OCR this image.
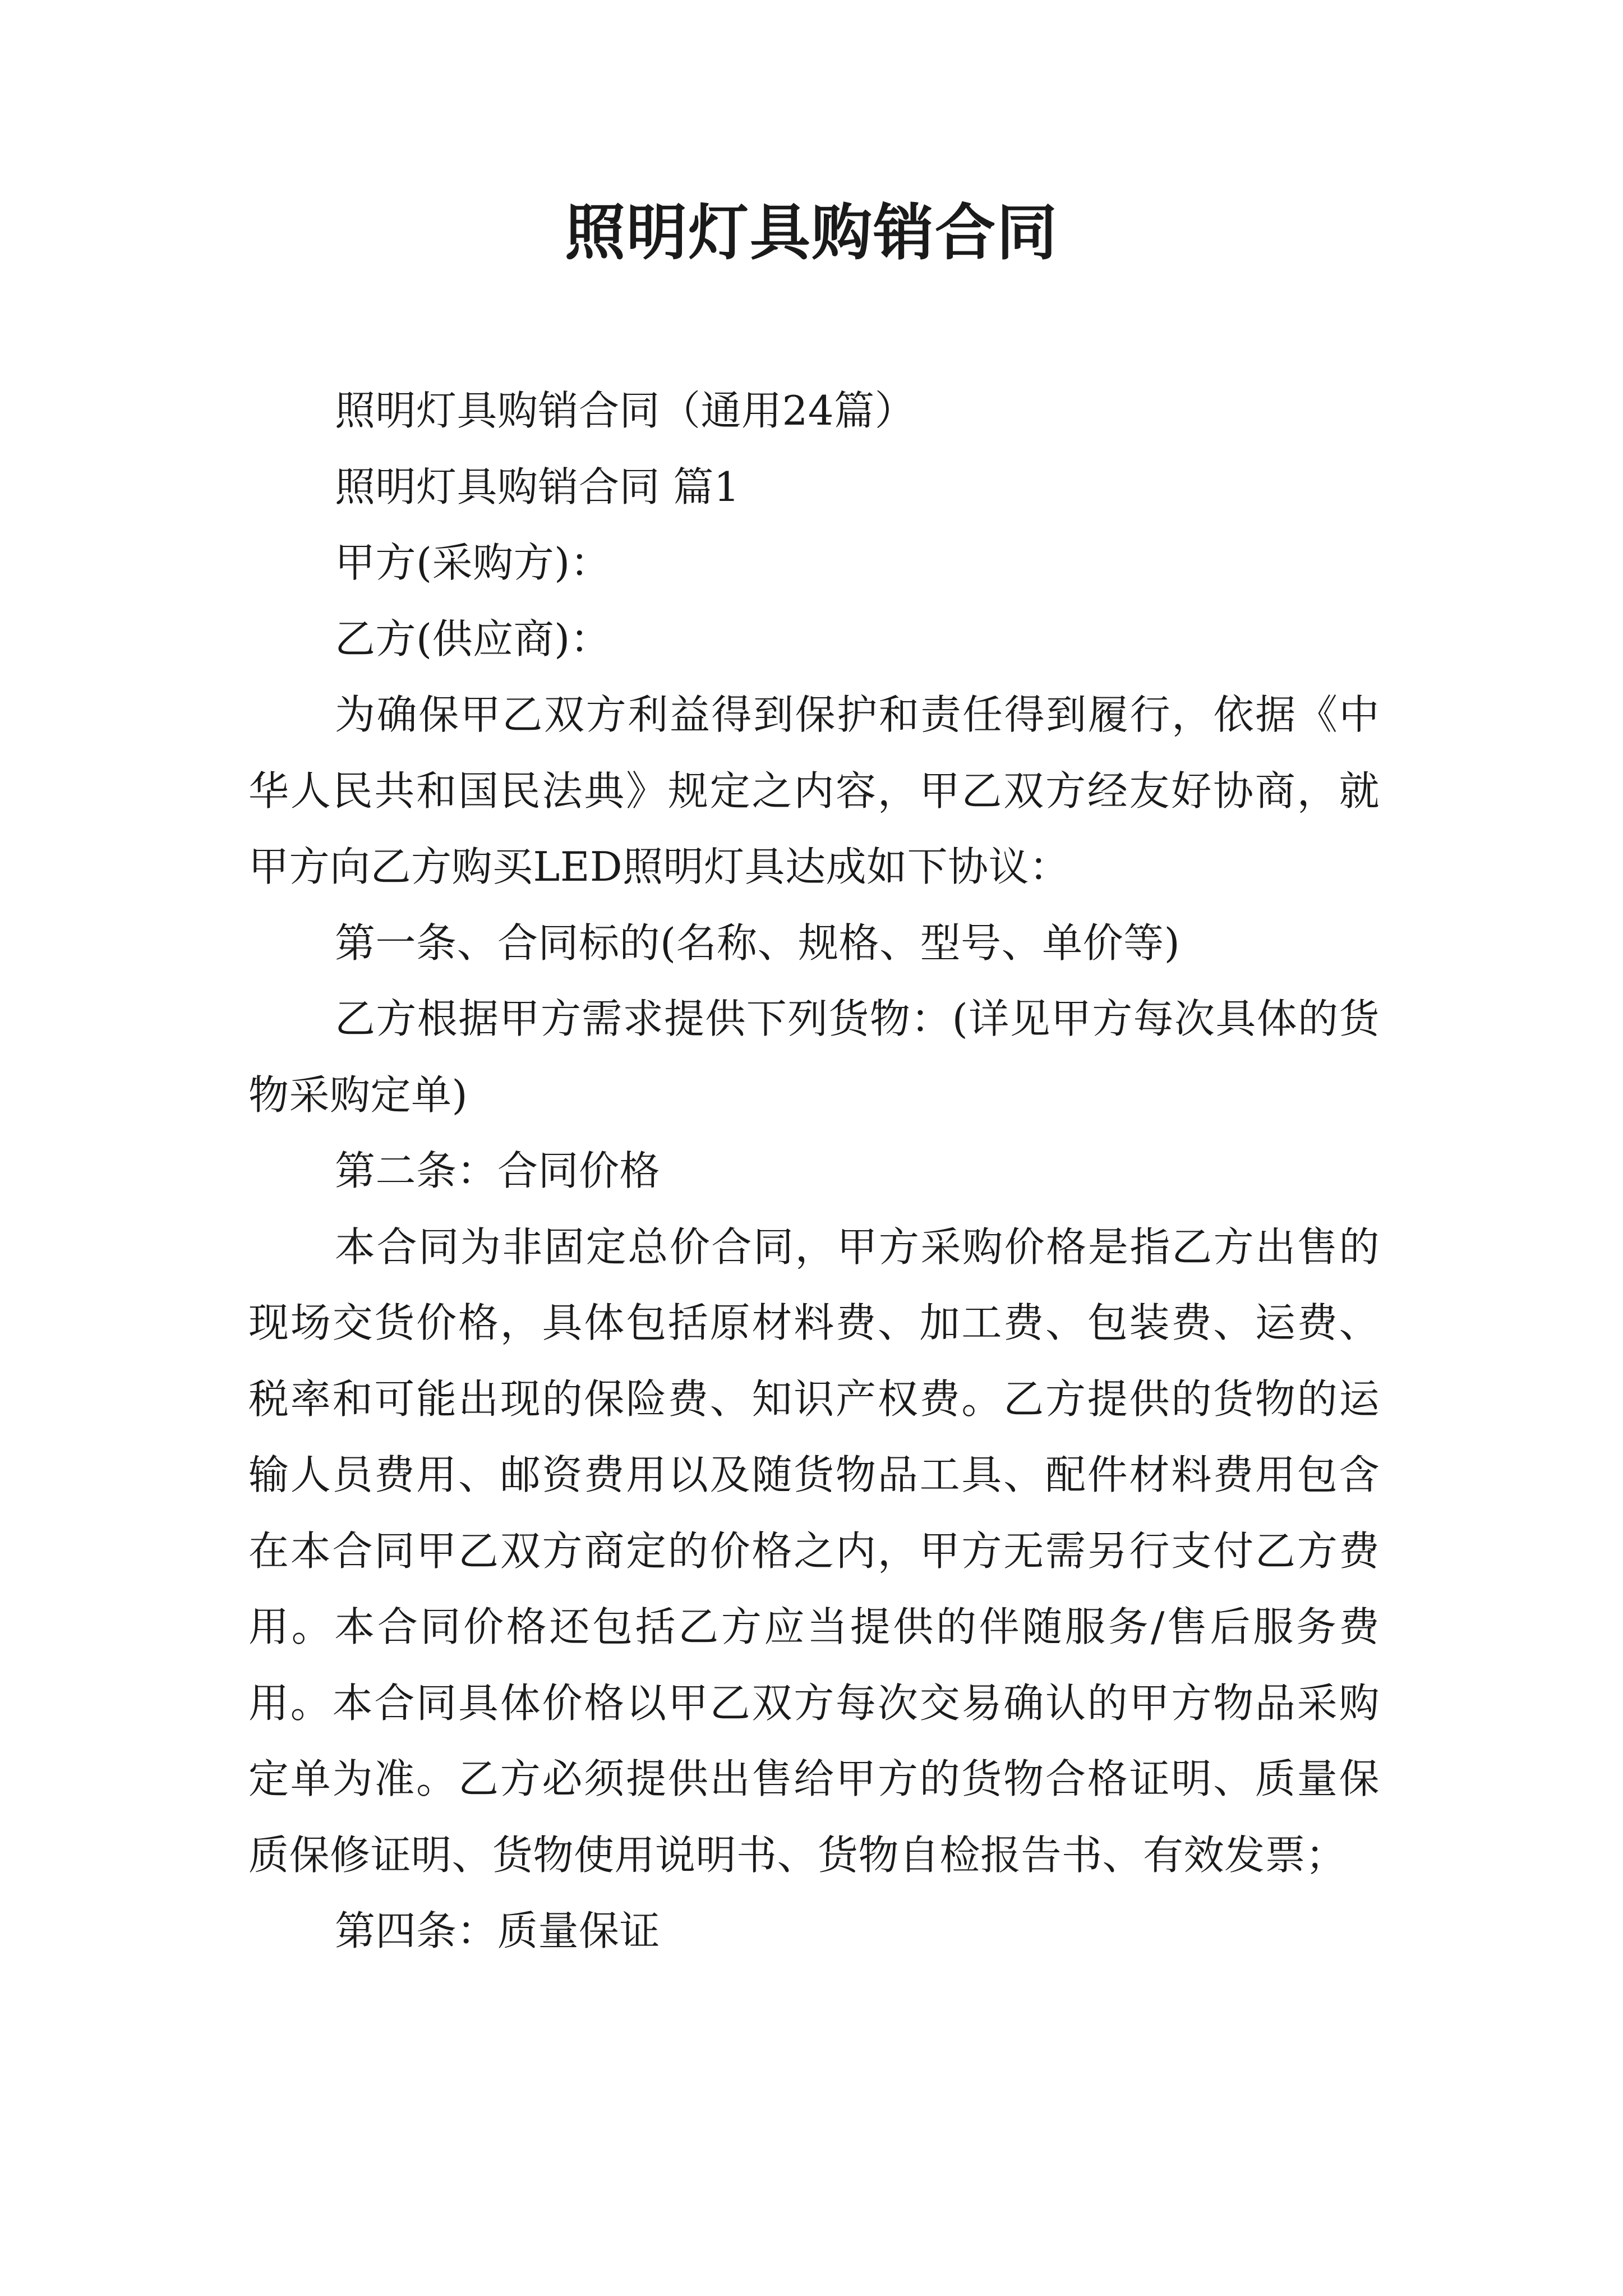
照明灯具购销合同

照明灯具购销合同（通用24篇）

照明灯具购销合同 篇1

甲方(采购方)：

乙方(供应商)：

为确保甲乙双方利益得到保护和责任得到履行，依据《中华人民共和国民法典》规定之内容，甲乙双方经友好协商，就甲方向乙方购买LED照明灯具达成如下协议：

第一条、合同标的(名称、规格、型号、单价等)

乙方根据甲方需求提供下列货物：(详见甲方每次具体的货物采购定单)

第二条：合同价格

本合同为非固定总价合同，甲方采购价格是指乙方出售的现场交货价格，具体包括原材料费、加工费、包装费、运费、税率和可能出现的保险费、知识产权费。乙方提供的货物的运输人员费用、邮资费用以及随货物品工具、配件材料费用包含在本合同甲乙双方商定的价格之内，甲方无需另行支付乙方费用。本合同价格还包括乙方应当提供的伴随服务/售后服务费用。本合同具体价格以甲乙双方每次交易确认的甲方物品采购定单为准。乙方必须提供出售给甲方的货物合格证明、质量保质保修证明、货物使用说明书、货物自检报告书、有效发票；

第四条：质量保证
